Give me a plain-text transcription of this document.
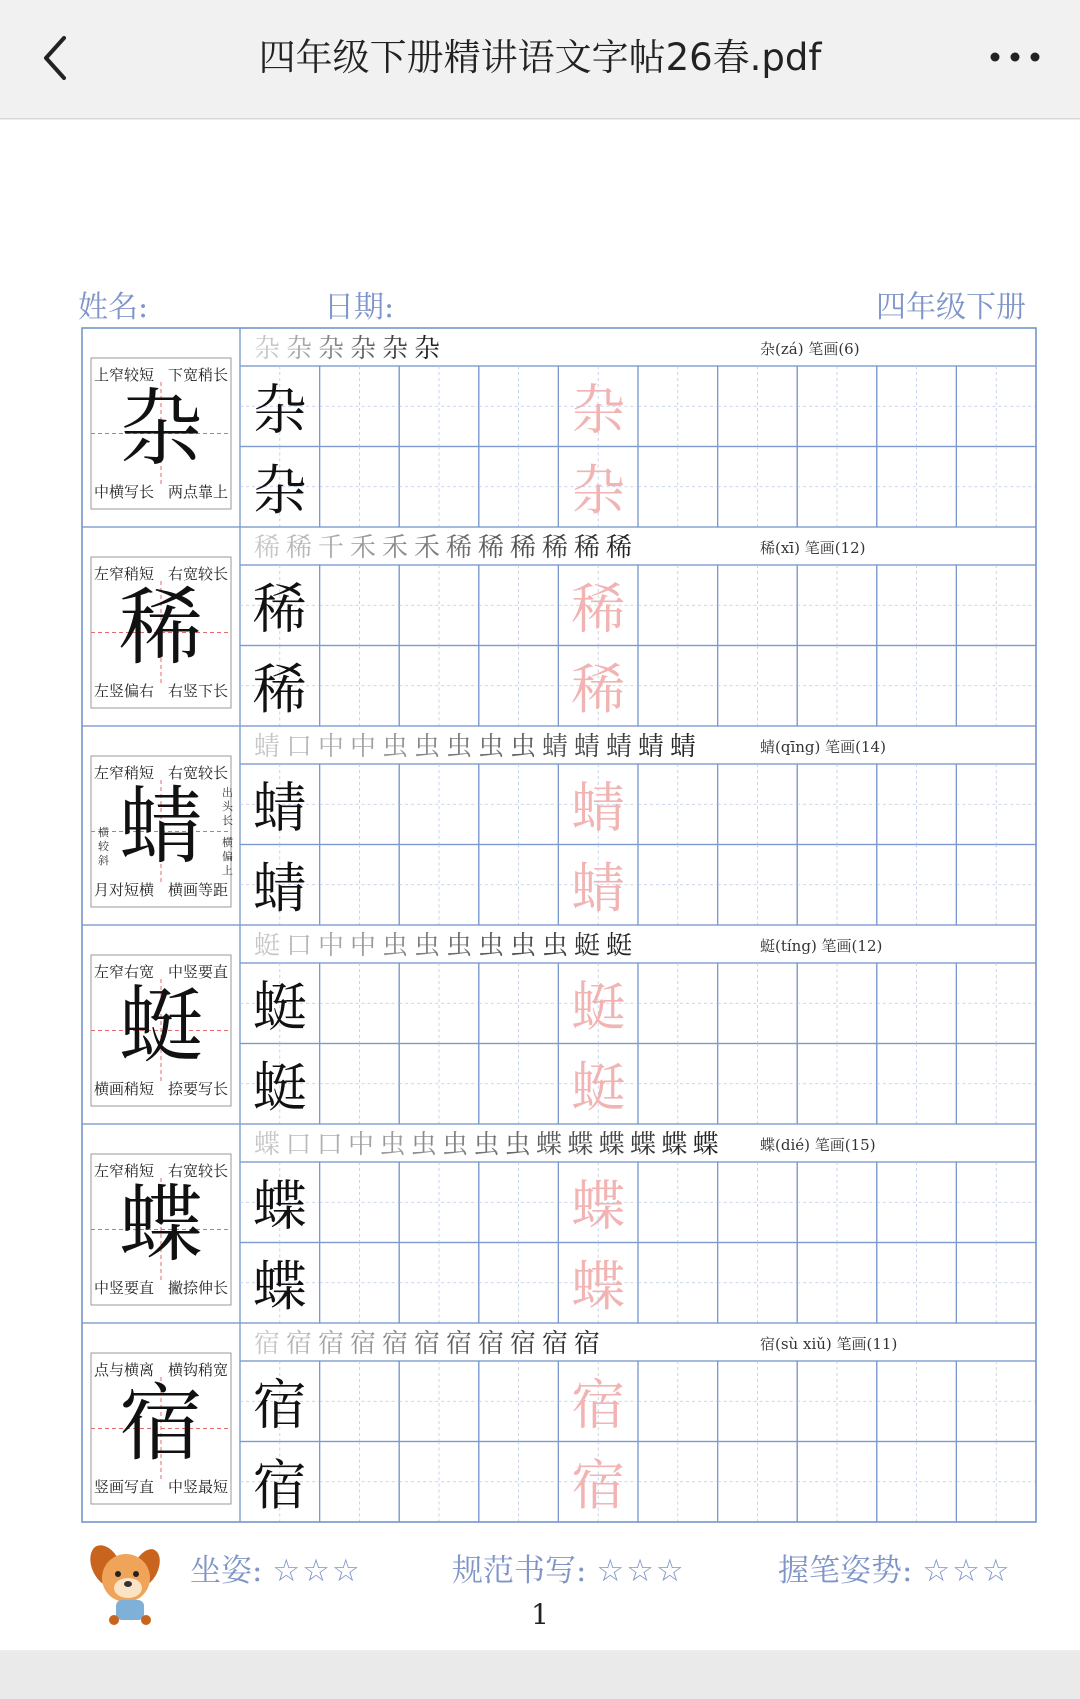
四年级下册精讲语文字帖26春.pdf
姓名:	日期:	四年级下册
上窄较短 下宽稍长
中横写长 两点靠上
杂
杂 杂 杂 杂 杂 杂	杂(zá) 笔画(6)
杂	杂
杂	杂
左窄稍短 右宽较长
左竖偏右 右竖下长
稀
稀 稀 千 禾 禾 禾 稀 稀 稀 稀 稀 稀	稀(xī) 笔画(12)
稀	稀
稀	稀
左窄稍短 右宽较长
月对短横 横画等距
蜻 出
头
长
横
较
斜
横
偏
上
蜻 口 中 中 虫 虫 虫 虫 虫 蜻 蜻 蜻 蜻 蜻	蜻(qīng) 笔画(14)
蜻	蜻
蜻	蜻
左窄右宽 中竖要直
横画稍短 捺要写长
蜓
蜓 口 中 中 虫 虫 虫 虫 虫 虫 蜓 蜓	蜓(tíng) 笔画(12)
蜓	蜓
蜓	蜓
左窄稍短 右宽较长
中竖要直 撇捺伸长
蝶
蝶 口 口 中 虫 虫 虫 虫 虫 蝶 蝶 蝶 蝶 蝶 蝶	蝶(dié) 笔画(15)
蝶	蝶
蝶	蝶
点与横离 横钩稍宽
竖画写直 中竖最短
宿
宿 宿 宿 宿 宿 宿 宿 宿 宿 宿 宿	宿(sù xiǔ) 笔画(11)
宿	宿
宿	宿
坐姿: ☆☆☆	规范书写: ☆☆☆	握笔姿势: ☆☆☆
1
